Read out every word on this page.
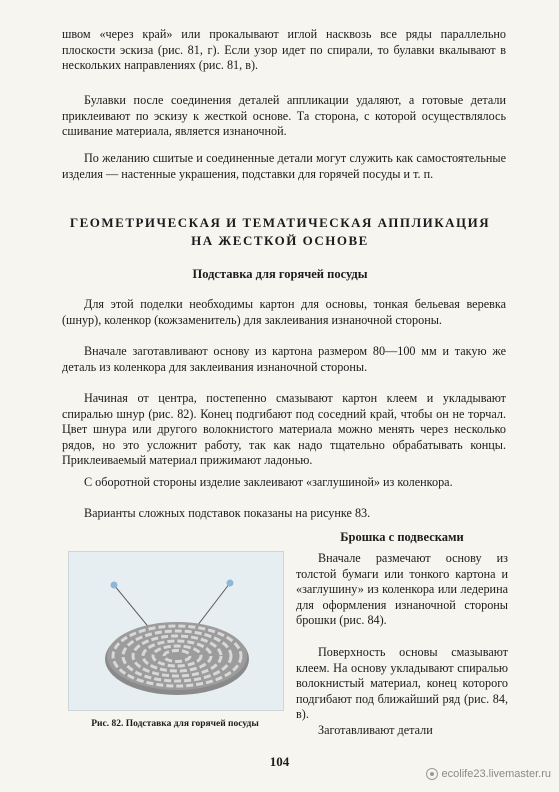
швом «через край» или прокалывают иглой насквозь все ряды параллельно плоскости эскиза (рис. 81, г). Если узор идет по спирали, то булавки вкалывают в нескольких направлениях (рис. 81, в).

Булавки после соединения деталей аппликации удаляют, а готовые детали приклеивают по эскизу к жесткой основе. Та сторона, с которой осуществлялось сшивание материала, является изнаночной.

По желанию сшитые и соединенные детали могут служить как самостоятельные изделия — настенные украшения, подставки для горячей посуды и т. п.

ГЕОМЕТРИЧЕСКАЯ И ТЕМАТИЧЕСКАЯ АППЛИКАЦИЯ

НА ЖЕСТКОЙ ОСНОВЕ

Подставка для горячей посуды

Для этой поделки необходимы картон для основы, тонкая бельевая веревка (шнур), коленкор (кожзаменитель) для заклеивания изнаночной стороны.

Вначале заготавливают основу из картона размером 80—100 мм и такую же деталь из коленкора для заклеивания изнаночной стороны.

Начиная от центра, постепенно смазывают картон клеем и укладывают спиралью шнур (рис. 82). Конец подгибают под соседний край, чтобы он не торчал. Цвет шнура или другого волокнистого материала можно менять через несколько рядов, но это усложнит работу, так как надо тщательно обрабатывать концы. Приклеиваемый материал прижимают ладонью.

С оборотной стороны изделие заклеивают «заглушиной» из коленкора.

Варианты сложных подставок показаны на рисунке 83.

Рис. 82. Подставка для горячей посуды

Брошка с подвесками

Вначале размечают основу из толстой бумаги или тонкого картона и «заглушину» из коленкора или ледерина для оформления изнаночной стороны брошки (рис. 84).

Поверхность основы смазывают клеем. На основу укладывают спиралью волокнистый материал, конец которого подгибают под ближайший ряд (рис. 84, в).

Заготавливают детали

104
ecolife23.livemaster.ru
